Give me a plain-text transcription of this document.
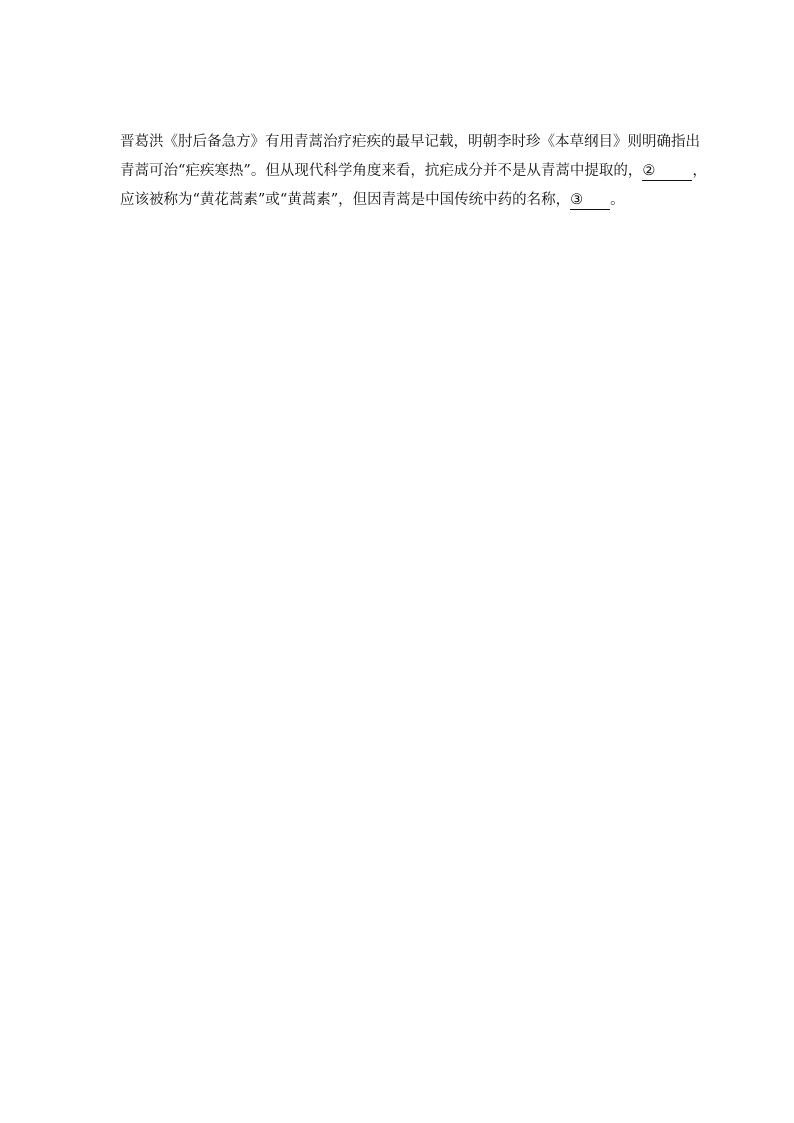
晋葛洪《肘后备急方》有用青蒿治疗疟疾的最早记载，明朝李时珍《本草纲目》则明确指出
青蒿可治“疟疾寒热”。但从现代科学角度来看，抗疟成分并不是从青蒿中提取的，②	，
应该被称为“黄花蒿素”或“黄蒿素”，但因青蒿是中国传统中药的名称，③ 。
